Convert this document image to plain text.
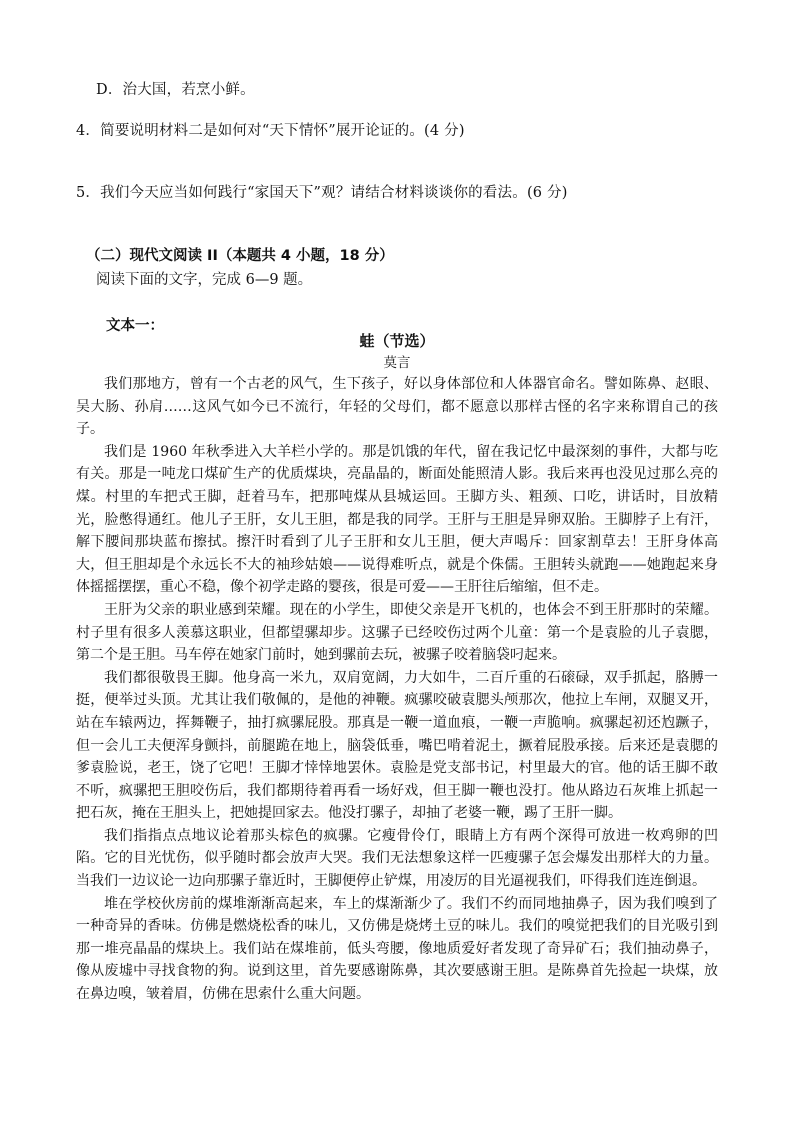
D．治大国，若烹小鲜。
4．简要说明材料二是如何对“天下情怀”展开论证的。(4 分)
5．我们今天应当如何践行“家国天下”观？请结合材料谈谈你的看法。(6 分)
（二）现代文阅读 II（本题共 4 小题，18 分）
阅读下面的文字，完成 6—9 题。
文本一：
蛙（节选）
莫言

我们那地方，曾有一个古老的风气，生下孩子，好以身体部位和人体器官命名。譬如陈鼻、赵眼、吴大肠、孙肩……这风气如今已不流行，年轻的父母们，都不愿意以那样古怪的名字来称谓自己的孩子。

我们是 1960 年秋季进入大羊栏小学的。那是饥饿的年代，留在我记忆中最深刻的事件，大都与吃有关。那是一吨龙口煤矿生产的优质煤块，亮晶晶的，断面处能照清人影。我后来再也没见过那么亮的煤。村里的车把式王脚，赶着马车，把那吨煤从县城运回。王脚方头、粗颈、口吃，讲话时，目放精光，脸憋得通红。他儿子王肝，女儿王胆，都是我的同学。王肝与王胆是异卵双胎。王脚脖子上有汗，解下腰间那块蓝布擦拭。擦汗时看到了儿子王肝和女儿王胆，便大声喝斥：回家割草去！王肝身体高大，但王胆却是个永远长不大的袖珍姑娘——说得难听点，就是个侏儒。王胆转头就跑——她跑起来身体摇摇摆摆，重心不稳，像个初学走路的婴孩，很是可爱——王肝往后缩缩，但不走。

王肝为父亲的职业感到荣耀。现在的小学生，即使父亲是开飞机的，也体会不到王肝那时的荣耀。村子里有很多人羡慕这职业，但都望骡却步。这骡子已经咬伤过两个儿童：第一个是袁脸的儿子袁腮，第二个是王胆。马车停在她家门前时，她到骡前去玩，被骡子咬着脑袋叼起来。

我们都很敬畏王脚。他身高一米九，双肩宽阔，力大如牛，二百斤重的石磙碌，双手抓起，胳膊一挺，便举过头顶。尤其让我们敬佩的，是他的神鞭。疯骡咬破袁腮头颅那次，他拉上车闸，双腿叉开，站在车辕两边，挥舞鞭子，抽打疯骡屁股。那真是一鞭一道血痕，一鞭一声脆响。疯骡起初还尥蹶子，但一会儿工夫便浑身颤抖，前腿跪在地上，脑袋低垂，嘴巴啃着泥土，撅着屁股承接。后来还是袁腮的爹袁脸说，老王，饶了它吧！王脚才悻悻地罢休。袁脸是党支部书记，村里最大的官。他的话王脚不敢不听，疯骡把王胆咬伤后，我们都期待着再看一场好戏，但王脚一鞭也没打。他从路边石灰堆上抓起一把石灰，掩在王胆头上，把她提回家去。他没打骡子，却抽了老婆一鞭，踢了王肝一脚。

我们指指点点地议论着那头棕色的疯骡。它瘦骨伶仃，眼睛上方有两个深得可放进一枚鸡卵的凹陷。它的目光忧伤，似乎随时都会放声大哭。我们无法想象这样一匹瘦骡子怎会爆发出那样大的力量。当我们一边议论一边向那骡子靠近时，王脚便停止铲煤，用凌厉的目光逼视我们，吓得我们连连倒退。

堆在学校伙房前的煤堆渐渐高起来，车上的煤渐渐少了。我们不约而同地抽鼻子，因为我们嗅到了一种奇异的香味。仿佛是燃烧松香的味儿，又仿佛是烧烤土豆的味儿。我们的嗅觉把我们的目光吸引到那一堆亮晶晶的煤块上。我们站在煤堆前，低头弯腰，像地质爱好者发现了奇异矿石；我们抽动鼻子，像从废墟中寻找食物的狗。说到这里，首先要感谢陈鼻，其次要感谢王胆。是陈鼻首先捡起一块煤，放在鼻边嗅，皱着眉，仿佛在思索什么重大问题。
